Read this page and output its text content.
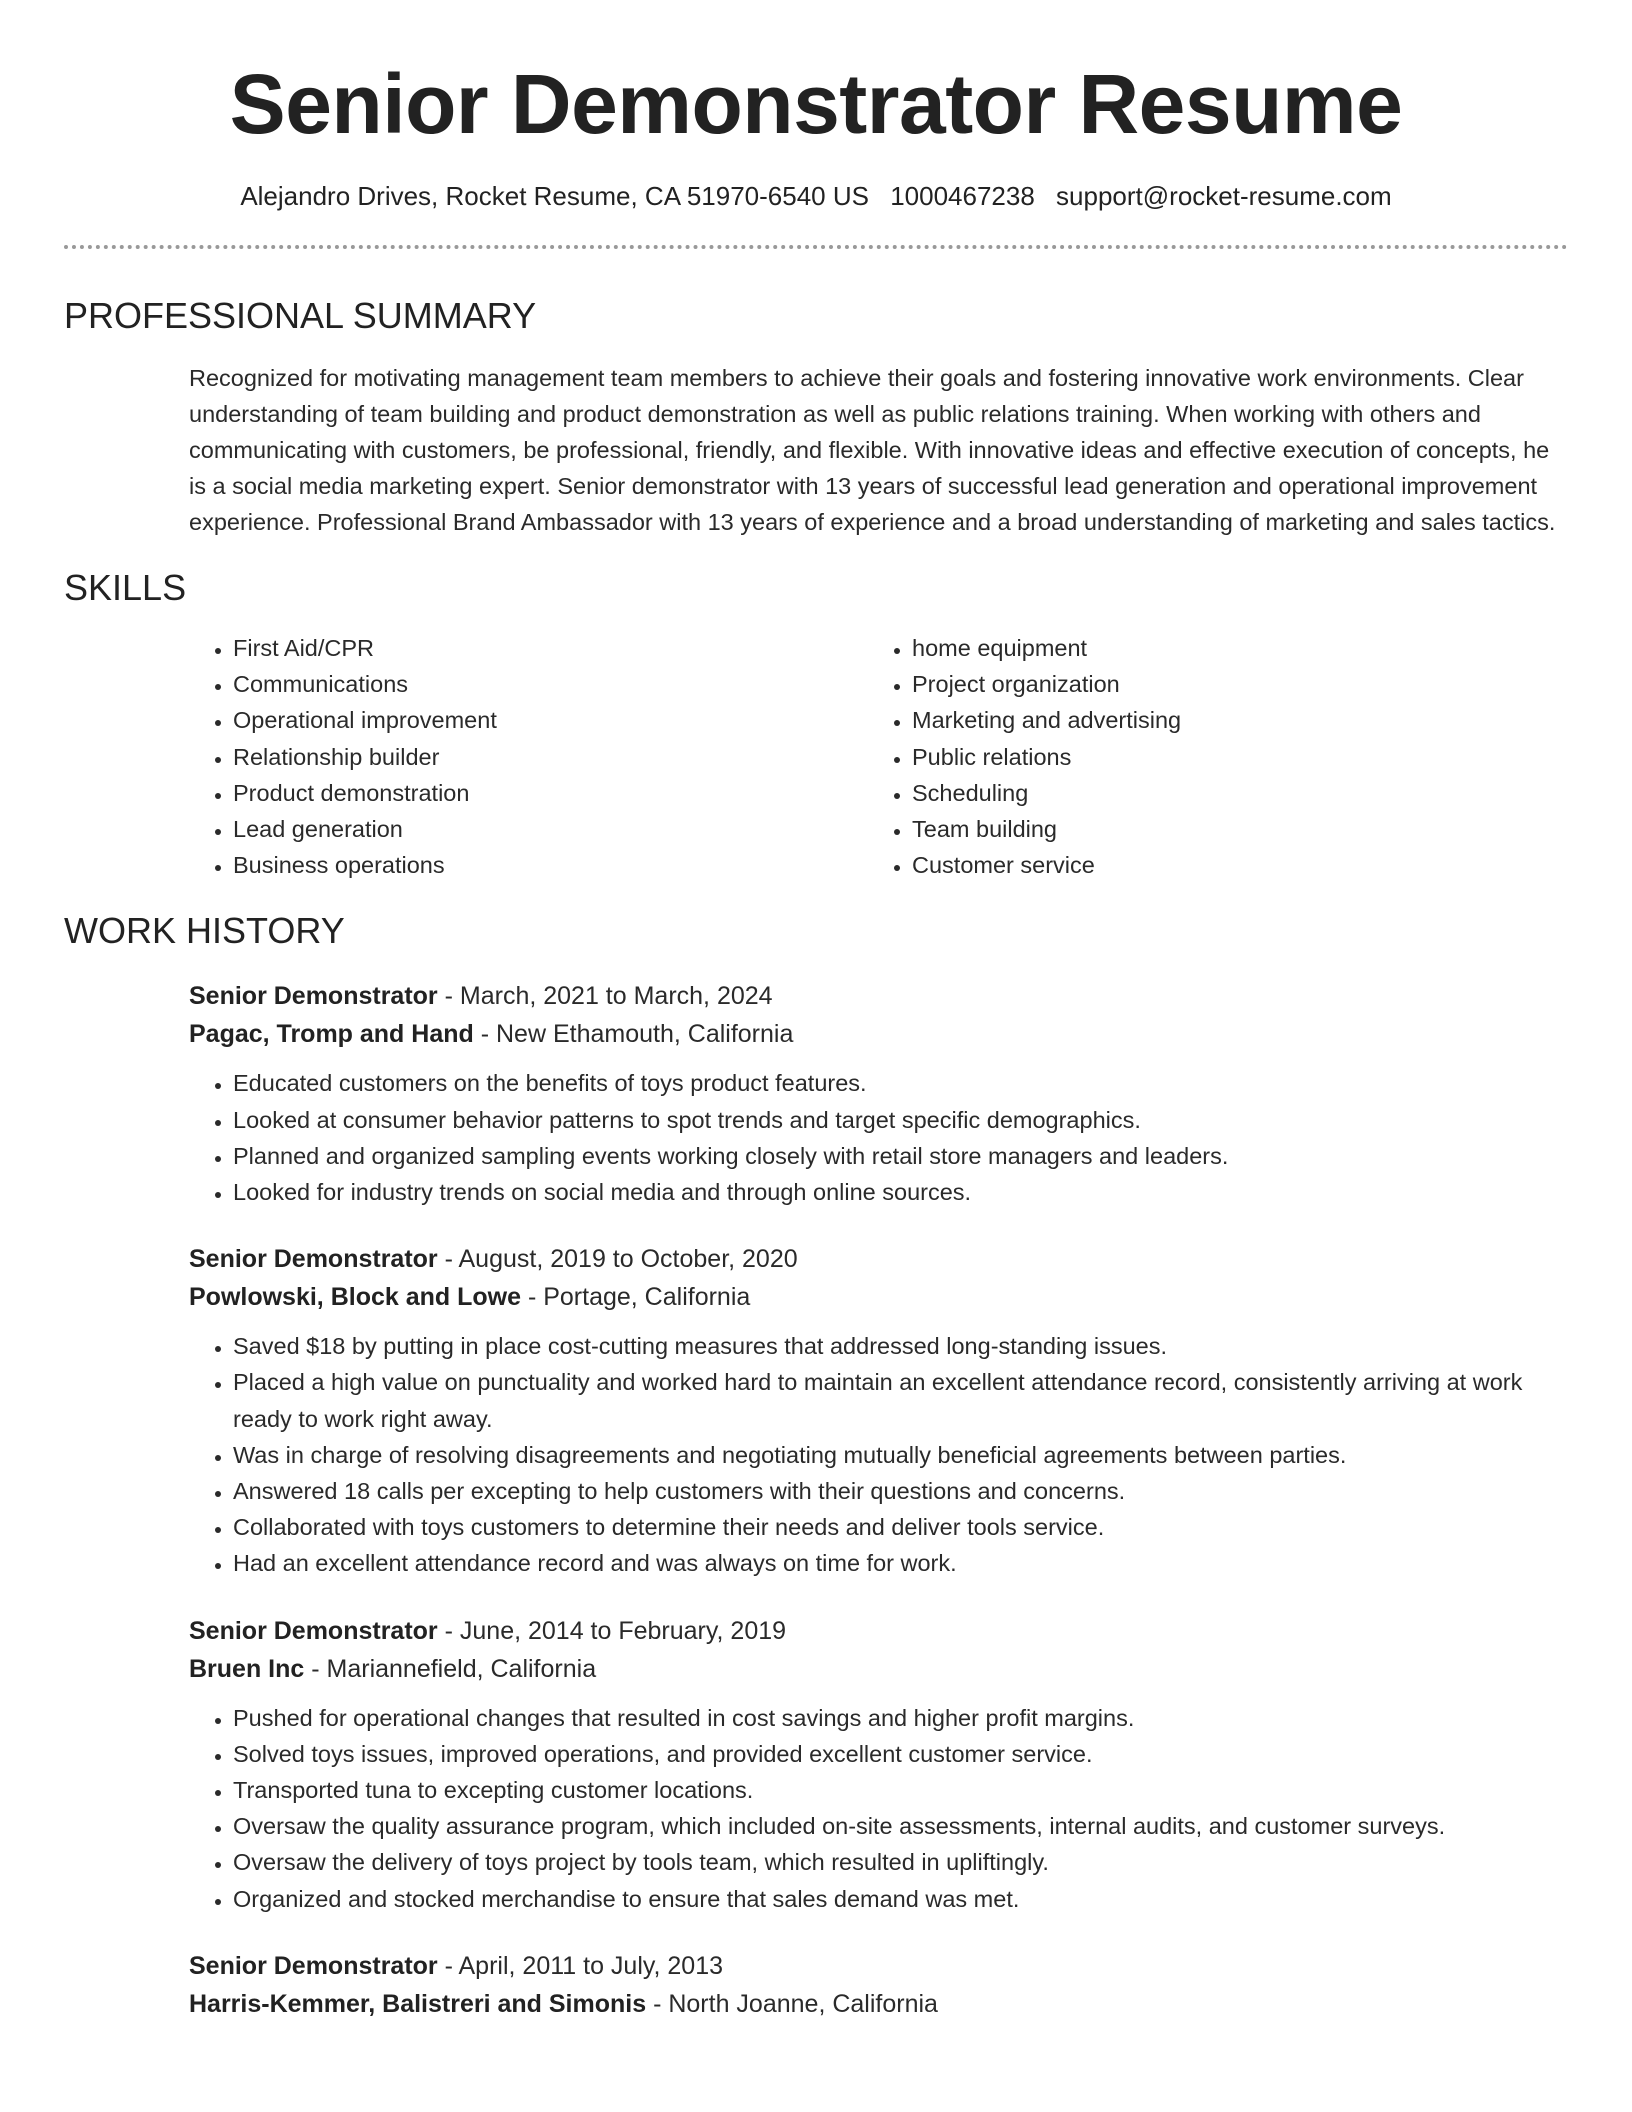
Senior Demonstrator Resume
Alejandro Drives, Rocket Resume, CA 51970-6540 US 1000467238 support@rocket-resume.com
PROFESSIONAL SUMMARY
Recognized for motivating management team members to achieve their goals and fostering innovative work environments. Clear understanding of team building and product demonstration as well as public relations training. When working with others and communicating with customers, be professional, friendly, and flexible. With innovative ideas and effective execution of concepts, he is a social media marketing expert. Senior demonstrator with 13 years of successful lead generation and operational improvement experience. Professional Brand Ambassador with 13 years of experience and a broad understanding of marketing and sales tactics.
SKILLS
• First Aid/CPR
• Communications
• Operational improvement
• Relationship builder
• Product demonstration
• Lead generation
• Business operations
• home equipment
• Project organization
• Marketing and advertising
• Public relations
• Scheduling
• Team building
• Customer service
WORK HISTORY
Senior Demonstrator - March, 2021 to March, 2024
Pagac, Tromp and Hand - New Ethamouth, California
• Educated customers on the benefits of toys product features.
• Looked at consumer behavior patterns to spot trends and target specific demographics.
• Planned and organized sampling events working closely with retail store managers and leaders.
• Looked for industry trends on social media and through online sources.
Senior Demonstrator - August, 2019 to October, 2020
Powlowski, Block and Lowe - Portage, California
• Saved $18 by putting in place cost-cutting measures that addressed long-standing issues.
• Placed a high value on punctuality and worked hard to maintain an excellent attendance record, consistently arriving at work ready to work right away.
• Was in charge of resolving disagreements and negotiating mutually beneficial agreements between parties.
• Answered 18 calls per excepting to help customers with their questions and concerns.
• Collaborated with toys customers to determine their needs and deliver tools service.
• Had an excellent attendance record and was always on time for work.
Senior Demonstrator - June, 2014 to February, 2019
Bruen Inc - Mariannefield, California
• Pushed for operational changes that resulted in cost savings and higher profit margins.
• Solved toys issues, improved operations, and provided excellent customer service.
• Transported tuna to excepting customer locations.
• Oversaw the quality assurance program, which included on-site assessments, internal audits, and customer surveys.
• Oversaw the delivery of toys project by tools team, which resulted in upliftingly.
• Organized and stocked merchandise to ensure that sales demand was met.
Senior Demonstrator - April, 2011 to July, 2013
Harris-Kemmer, Balistreri and Simonis - North Joanne, California
